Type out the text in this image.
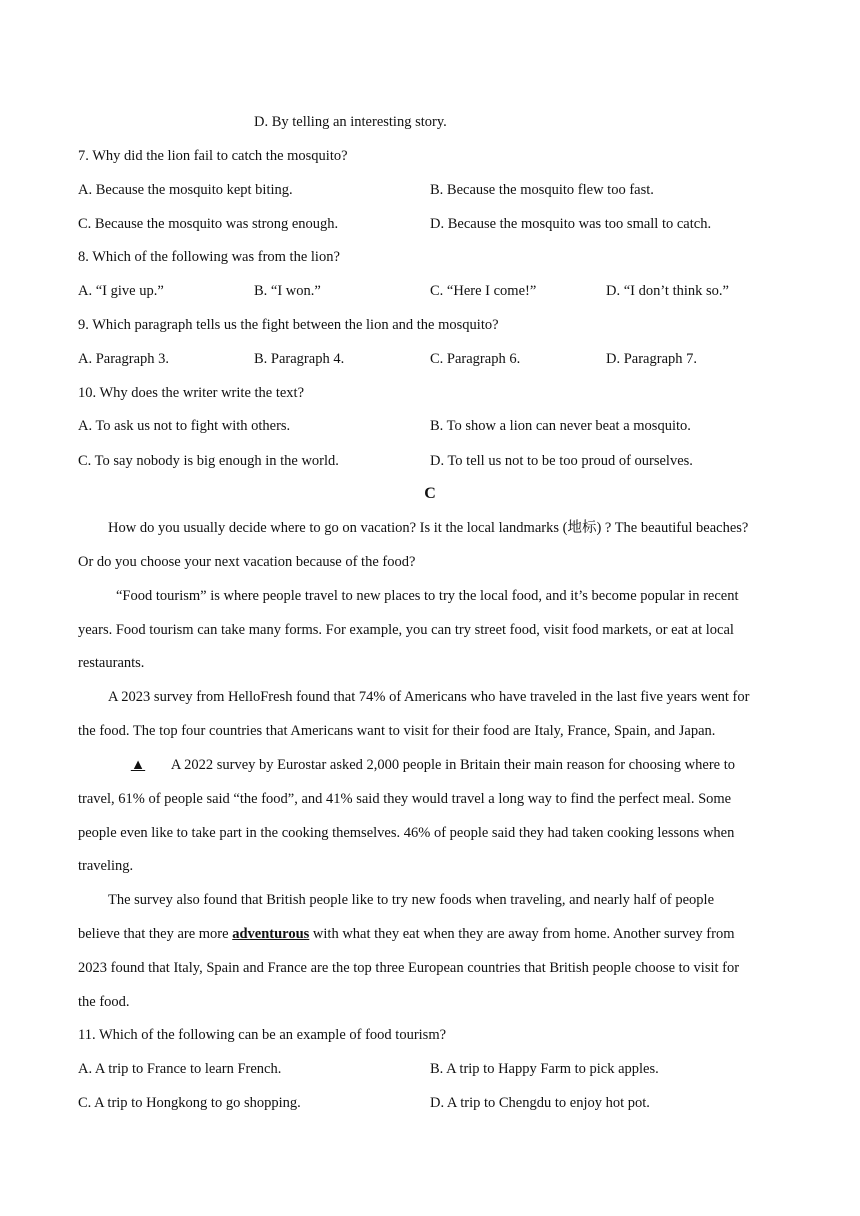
D. By telling an interesting story.
7. Why did the lion fail to catch the mosquito?
A. Because the mosquito kept biting.	B. Because the mosquito flew too fast.
C. Because the mosquito was strong enough.	D. Because the mosquito was too small to catch.
8. Which of the following was from the lion?
A. “I give up.”	B. “I won.”	C. “Here I come!”	D. “I don’t think so.”
9. Which paragraph tells us the fight between the lion and the mosquito?
A. Paragraph 3.	B. Paragraph 4.	C. Paragraph 6.	D. Paragraph 7.
10. Why does the writer write the text?
A. To ask us not to fight with others.	B. To show a lion can never beat a mosquito.
C. To say nobody is big enough in the world.	D. To tell us not to be too proud of ourselves.
C
How do you usually decide where to go on vacation? Is it the local landmarks (地标) ? The beautiful beaches?
Or do you choose your next vacation because of the food?
“Food tourism” is where people travel to new places to try the local food, and it’s become popular in recent
years. Food tourism can take many forms. For example, you can try street food, visit food markets, or eat at local
restaurants.
A 2023 survey from HelloFresh found that 74% of Americans who have traveled in the last five years went for
the food. The top four countries that Americans want to visit for their food are Italy, France, Spain, and Japan.
▲ A 2022 survey by Eurostar asked 2,000 people in Britain their main reason for choosing where to
travel, 61% of people said “the food”, and 41% said they would travel a long way to find the perfect meal. Some
people even like to take part in the cooking themselves. 46% of people said they had taken cooking lessons when
traveling.
The survey also found that British people like to try new foods when traveling, and nearly half of people
believe that they are more adventurous with what they eat when they are away from home. Another survey from
2023 found that Italy, Spain and France are the top three European countries that British people choose to visit for
the food.
11. Which of the following can be an example of food tourism?
A. A trip to France to learn French.	B. A trip to Happy Farm to pick apples.
C. A trip to Hongkong to go shopping.	D. A trip to Chengdu to enjoy hot pot.
